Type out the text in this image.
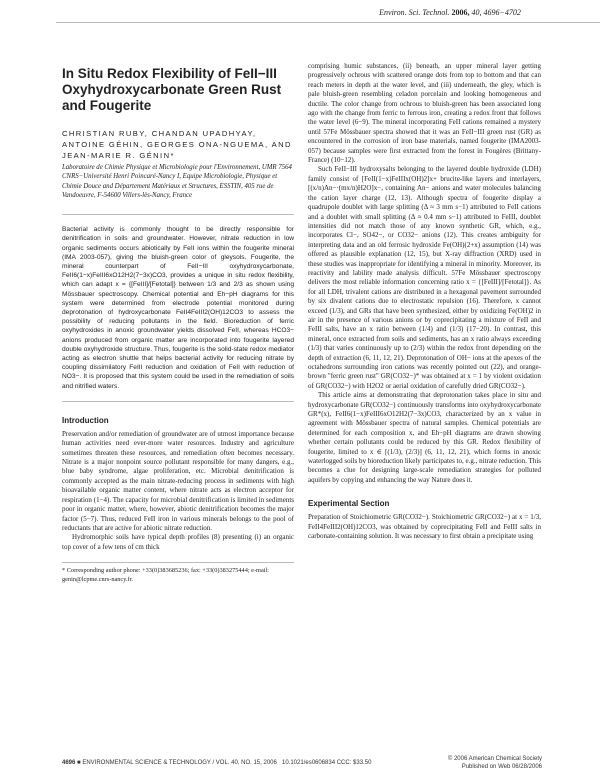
Environ. Sci. Technol. 2006, 40, 4696−4702
In Situ Redox Flexibility of FeII−III Oxyhydroxycarbonate Green Rust and Fougerite
CHRISTIAN RUBY, CHANDAN UPADHYAY, ANTOINE GÉHIN, GEORGES ONA-NGUEMA, AND JEAN-MARIE R. GÉNIN*
Laboratoire de Chimie Physique et Microbiologie pour l'Environnement, UMR 7564 CNRS−Université Henri Poincaré-Nancy I, Equipe Microbiologie, Physique et Chimie Douce and Département Matériaux et Structures, ESSTIN, 405 rue de Vandoeuvre, F-54600 Villers-lès-Nancy, France
Bacterial activity is commonly thought to be directly responsible for denitrification in soils and groundwater. However, nitrate reduction in low organic sediments occurs abiotically by FeII ions within the fougerite mineral (IMA 2003-057), giving the bluish-green color of gleysols. Fougerite, the mineral counterpart of FeII−III oxyhydroxycarbonate, FeII6(1−x)FeIII6xO12H2(7−3x)CO3, provides a unique in situ redox flexibility, which can adapt x = {[FeIII]/[Fetotal]} between 1/3 and 2/3 as shown using Mössbauer spectroscopy. Chemical potential and Eh−pH diagrams for this system were determined from electrode potential monitored during deprotonation of hydroxycarbonate FeII4FeIII2(OH)12CO3 to assess the possibility of reducing pollutants in the field. Bioreduction of ferric oxyhydroxides in anoxic groundwater yields dissolved FeII, whereas HCO3− anions produced from organic matter are incorporated into fougerite layered double oxyhydroxide structure. Thus, fougerite is the solid-state redox mediator acting as electron shuttle that helps bacterial activity for reducing nitrate by coupling dissimilatory FeIII reduction and oxidation of FeII with reduction of NO3−. It is proposed that this system could be used in the remediation of soils and nitrified waters.
Introduction

Preservation and/or remediation of groundwater are of utmost importance because human activities need ever-more water resources. Industry and agriculture sometimes threaten these resources, and remediation often becomes necessary. Nitrate is a major nonpoint source pollutant responsible for many dangers, e.g., blue baby syndrome, algae proliferation, etc. Microbial denitrification is commonly accepted as the main nitrate-reducing process in sediments with high bioavailable organic matter content, where nitrate acts as electron acceptor for respiration (1−4). The capacity for microbial denitrification is limited in sediments poor in organic matter, where, however, abiotic denitrification becomes the major factor (5−7). Thus, reduced FeII iron in various minerals belongs to the pool of reductants that are active for abiotic nitrate reduction.

Hydromorphic soils have typical depth profiles (8) presenting (i) an organic top cover of a few tens of cm thick

* Corresponding author phone: +33(0)383685236; fax: +33(0)383275444; e-mail: genin@lcpme.cnrs-nancy.fr.

comprising humic substances, (ii) beneath, an upper mineral layer getting progressively ochrous with scattered orange dots from top to bottom and that can reach meters in depth at the water level, and (iii) underneath, the gley, which is pale bluish-green resembling celadon porcelain and looking homogeneous and ductile. The color change from ochrous to bluish-green has been associated long ago with the change from ferric to ferrous iron, creating a redox front that follows the water level (6−9). The mineral incorporating FeII cations remained a mystery until 57Fe Mössbauer spectra showed that it was an FeII−III green rust (GR) as encountered in the corrosion of iron base materials, named fougerite (IMA2003-057) because samples were first extracted from the forest in Fougères (Brittany-France) (10−12).

Such FeII−III hydroxysalts belonging to the layered double hydroxide (LDH) family consist of [FeII(1−x)FeIIIx(OH)2]x+ brucite-like layers and interlayers, [(x/n)An−·(mx/n)H2O]x−, containing An− anions and water molecules balancing the cation layer charge (12, 13). Although spectra of fougerite display a quadrupole doublet with large splitting (Δ ≈ 3 mm s−1) attributed to FeII cations and a doublet with small splitting (Δ ≈ 0.4 mm s−1) attributed to FeIII, doublet intensities did not match those of any known synthetic GR, which, e.g., incorporates Cl−, SO42−, or CO32− anions (12). This creates ambiguity for interpreting data and an old ferrosic hydroxide Fe(OH)(2+x) assumption (14) was offered as plausible explanation (12, 15), but X-ray diffraction (XRD) used in these studies was inappropriate for identifying a mineral in minority. Moreover, its reactivity and lability made analysis difficult. 57Fe Mössbauer spectroscopy delivers the most reliable information concerning ratio x = {[FeIII]/[Fetotal]}. As for all LDH, trivalent cations are distributed in a hexagonal pavement surrounded by six divalent cations due to electrostatic repulsion (16). Therefore, x cannot exceed (1/3), and GRs that have been synthesized, either by oxidizing Fe(OH)2 in air in the presence of various anions or by coprecipitating a mixture of FeII and FeIII salts, have an x ratio between (1/4) and (1/3) (17−20). In contrast, this mineral, once extracted from soils and sediments, has an x ratio always exceeding (1/3) that varies continuously up to (2/3) within the redox front depending on the depth of extraction (6, 11, 12, 21). Deprotonation of OH− ions at the apexes of the octahedrons surrounding iron cations was recently pointed out (22), and orange-brown "ferric green rust" GR(CO32−)* was obtained at x = 1 by violent oxidation of GR(CO32−) with H2O2 or aerial oxidation of carefully dried GR(CO32−).

This article aims at demonstrating that deprotonation takes place in situ and hydroxycarbonate GR(CO32−) continuously transforms into oxyhydroxycarbonate GR*(x), FeII6(1−x)FeIII6xO12H2(7−3x)CO3, characterized by an x value in agreement with Mössbauer spectra of natural samples. Chemical potentials are determined for each composition x, and Eh−pH diagrams are drawn showing whether certain pollutants could be reduced by this GR. Redox flexibility of fougerite, limited to x ∈ [(1/3), (2/3)] (6, 11, 12, 21), which forms in anoxic waterlogged soils by bioreduction likely participates to, e.g., nitrate reduction. This becomes a clue for designing large-scale remediation strategies for polluted aquifers by copying and enhancing the way Nature does it.

Experimental Section

Preparation of Stoichiometric GR(CO32−). Stoichiometric GR(CO32−) at x = 1/3, FeII4FeIII2(OH)12CO3, was obtained by coprecipitating FeII and FeIII salts in carbonate-containing solution. It was necessary to first obtain a precipitate using

4696 ■ ENVIRONMENTAL SCIENCE & TECHNOLOGY / VOL. 40, NO. 15, 2006 10.1021/es0606834 CCC: $33.50
© 2006 American Chemical Society
Published on Web 06/28/2006
